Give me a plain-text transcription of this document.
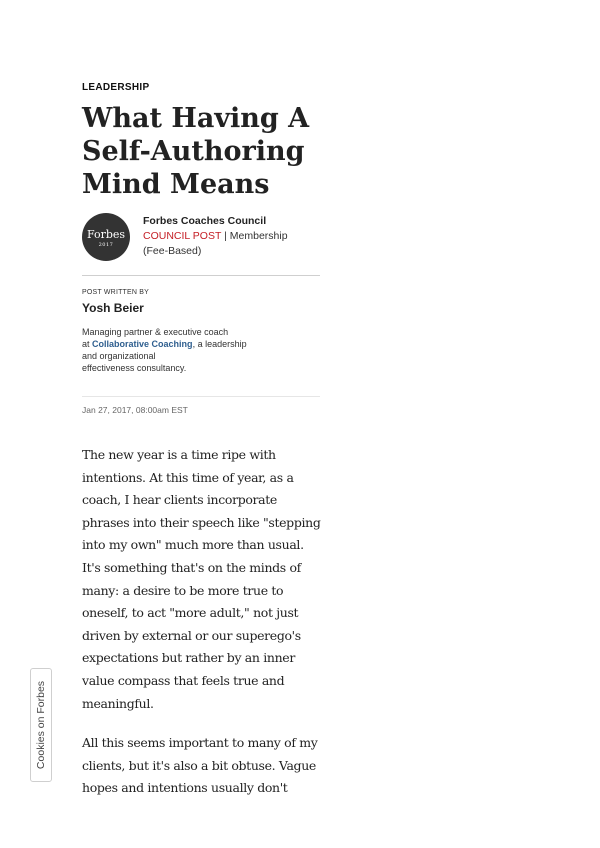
LEADERSHIP
What Having A
Self-Authoring
Mind Means
Forbes
2017
Forbes Coaches Council
COUNCIL POST | Membership
(Fee-Based)
POST WRITTEN BY
Yosh Beier
Managing partner & executive coach
at Collaborative Coaching, a leadership
and organizational
effectiveness consultancy.
Jan 27, 2017, 08:00am EST
The new year is a time ripe with
intentions. At this time of year, as a
coach, I hear clients incorporate
phrases into their speech like "stepping
into my own" much more than usual.
It's something that's on the minds of
many: a desire to be more true to
oneself, to act "more adult," not just
driven by external or our superego's
expectations but rather by an inner
value compass that feels true and
meaningful.
All this seems important to many of my
clients, but it's also a bit obtuse. Vague
hopes and intentions usually don't
Cookies on Forbes
